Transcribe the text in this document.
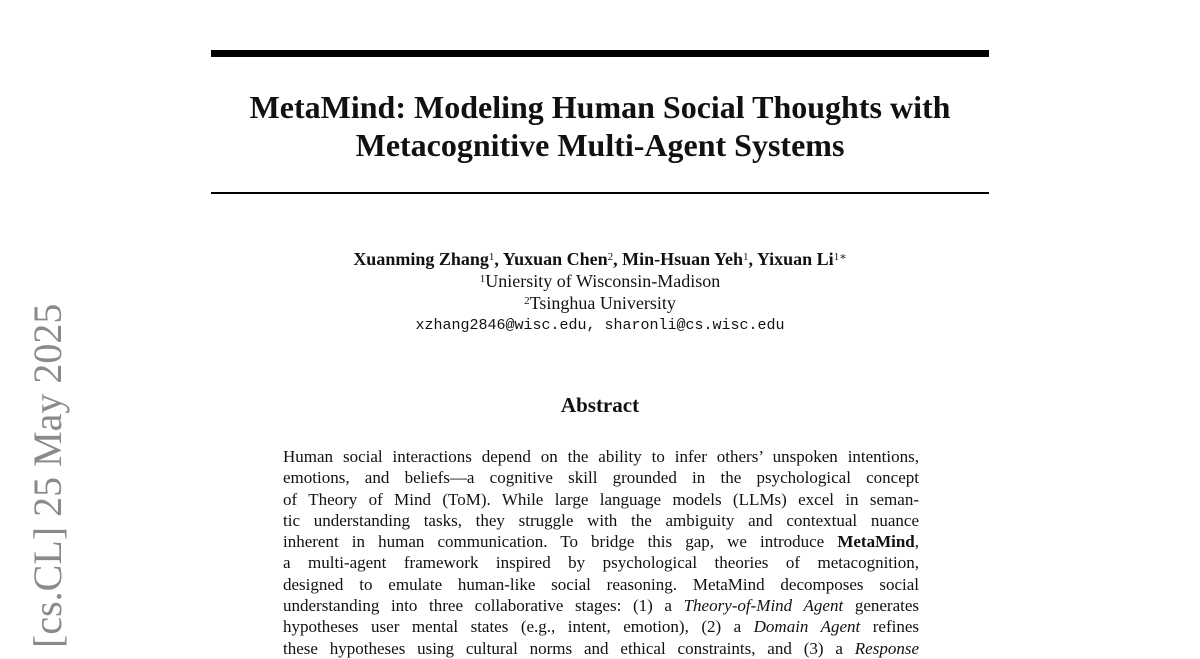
MetaMind: Modeling Human Social Thoughts with
Metacognitive Multi-Agent Systems
Xuanming Zhang$^1$, Yuxuan Chen$^2$, Min-Hsuan Yeh$^1$, Yixuan $Li^{1∗}$
$^1$Uniersity of Wisconsin-Madison
$^2$Tsinghua University
xzhang2846@wisc.edu, sharonli@cs.wisc.edu
Abstract
Human social interactions depend on the ability to infer others’ unspoken intentions,
emotions, and beliefs—a cognitive skill grounded in the psychological concept
of Theory of Mind (ToM). While large language models (LLMs) excel in seman-
tic understanding tasks, they struggle with the ambiguity and contextual nuance
inherent in human communication. To bridge this gap, we introduce MetaMind,
a multi-agent framework inspired by psychological theories of metacognition,
designed to emulate human-like social reasoning. MetaMind decomposes social
understanding into three collaborative stages: (1) a Theory-of-Mind Agent generates
hypotheses user mental states (e.g., intent, emotion), (2) a Domain Agent refines
these hypotheses using cultural norms and ethical constraints, and (3) a Response
[cs.CL] 25 May 2025
